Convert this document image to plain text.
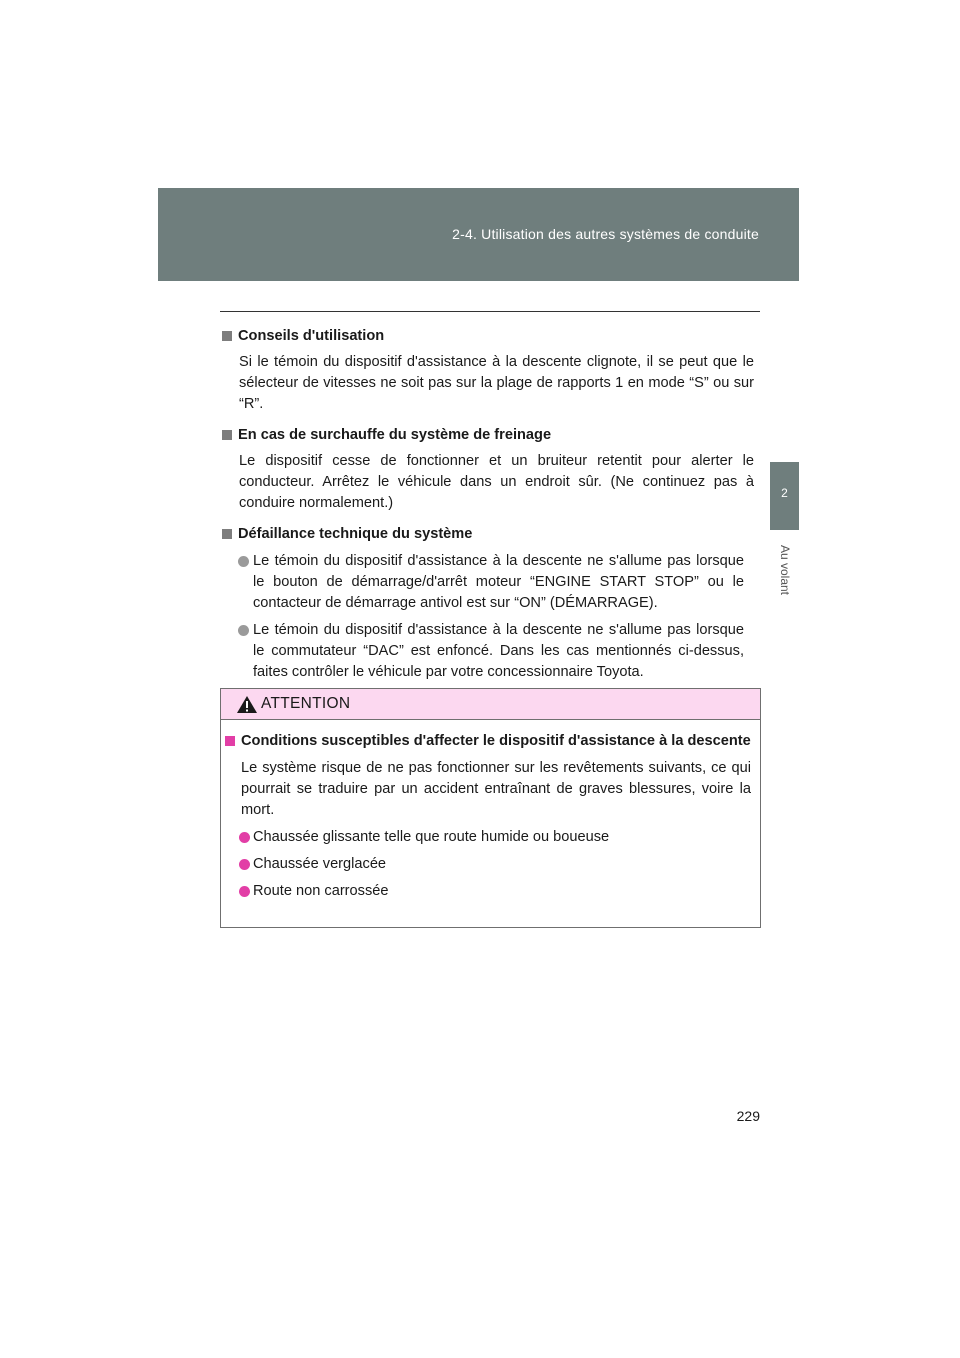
2-4. Utilisation des autres systèmes de conduite
2
Au volant
Conseils d'utilisation
Si le témoin du dispositif d'assistance à la descente clignote, il se peut que le sélecteur de vitesses ne soit pas sur la plage de rapports 1 en mode “S” ou sur “R”.
En cas de surchauffe du système de freinage
Le dispositif cesse de fonctionner et un bruiteur retentit pour alerter le conducteur. Arrêtez le véhicule dans un endroit sûr. (Ne continuez pas à conduire normalement.)
Défaillance technique du système
Le témoin du dispositif d'assistance à la descente ne s'allume pas lorsque le bouton de démarrage/d'arrêt moteur “ENGINE START STOP” ou le contacteur de démarrage antivol est sur “ON” (DÉMARRAGE).
Le témoin du dispositif d'assistance à la descente ne s'allume pas lorsque le commutateur “DAC” est enfoncé. Dans les cas mentionnés ci-dessus, faites contrôler le véhicule par votre concessionnaire Toyota.
ATTENTION
Conditions susceptibles d'affecter le dispositif d'assistance à la descente
Le système risque de ne pas fonctionner sur les revêtements suivants, ce qui pourrait se traduire par un accident entraînant de graves blessures, voire la mort.
Chaussée glissante telle que route humide ou boueuse
Chaussée verglacée
Route non carrossée
229
